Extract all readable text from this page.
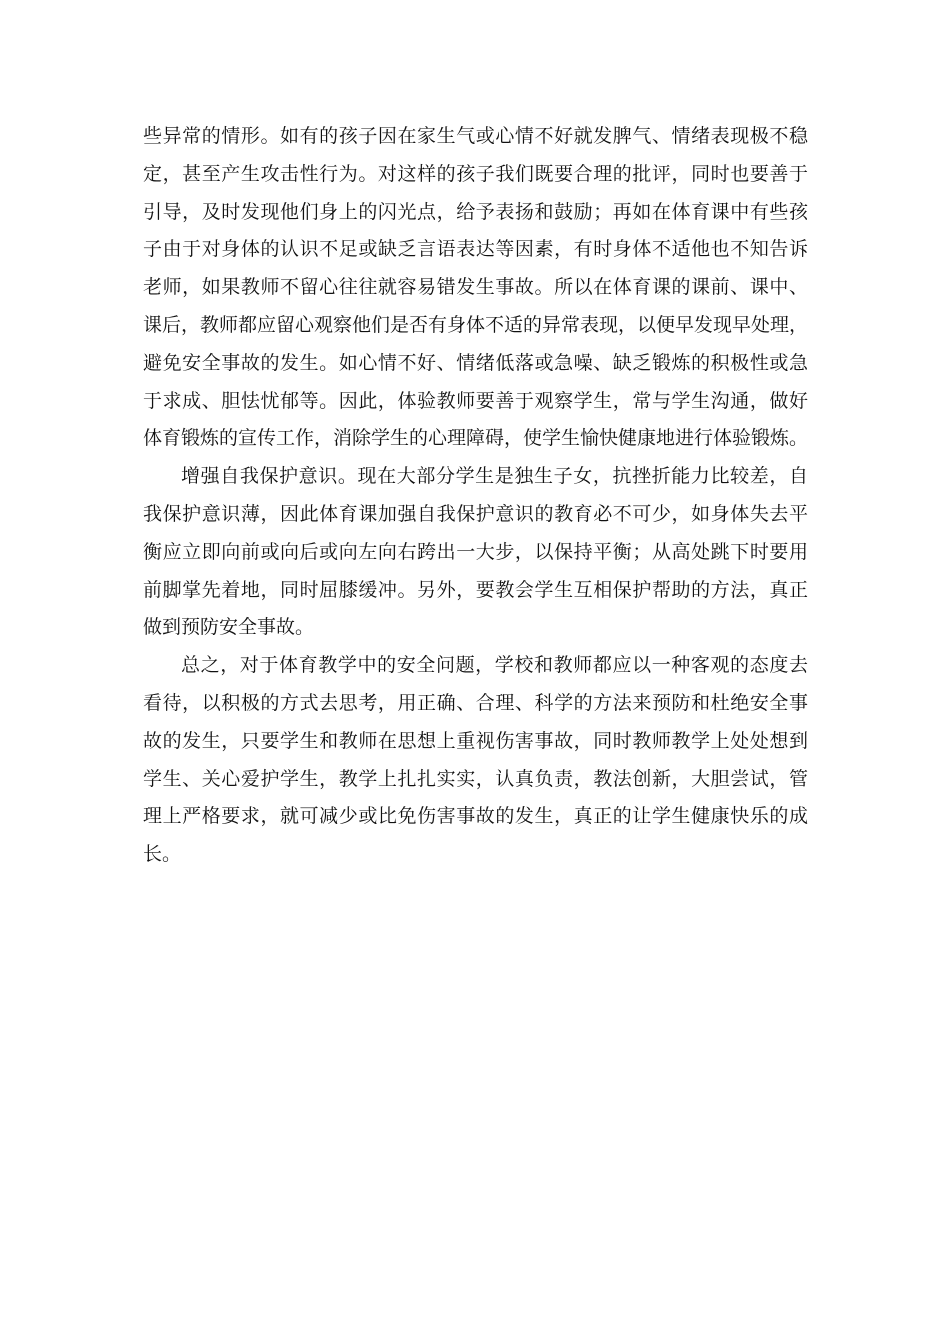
些异常的情形。如有的孩子因在家生气或心情不好就发脾气、情绪表现极不稳
定，甚至产生攻击性行为。对这样的孩子我们既要合理的批评，同时也要善于
引导，及时发现他们身上的闪光点，给予表扬和鼓励；再如在体育课中有些孩
子由于对身体的认识不足或缺乏言语表达等因素，有时身体不适他也不知告诉
老师，如果教师不留心往往就容易错发生事故。所以在体育课的课前、课中、
课后，教师都应留心观察他们是否有身体不适的异常表现，以便早发现早处理，
避免安全事故的发生。如心情不好、情绪低落或急噪、缺乏锻炼的积极性或急
于求成、胆怯忧郁等。因此，体验教师要善于观察学生，常与学生沟通，做好
体育锻炼的宣传工作，消除学生的心理障碍，使学生愉快健康地进行体验锻炼。
增强自我保护意识。现在大部分学生是独生子女，抗挫折能力比较差，自
我保护意识薄，因此体育课加强自我保护意识的教育必不可少，如身体失去平
衡应立即向前或向后或向左向右跨出一大步，以保持平衡；从高处跳下时要用
前脚掌先着地，同时屈膝缓冲。另外，要教会学生互相保护帮助的方法，真正
做到预防安全事故。
总之，对于体育教学中的安全问题，学校和教师都应以一种客观的态度去
看待，以积极的方式去思考，用正确、合理、科学的方法来预防和杜绝安全事
故的发生，只要学生和教师在思想上重视伤害事故，同时教师教学上处处想到
学生、关心爱护学生，教学上扎扎实实，认真负责，教法创新，大胆尝试，管
理上严格要求，就可减少或比免伤害事故的发生，真正的让学生健康快乐的成
长。
